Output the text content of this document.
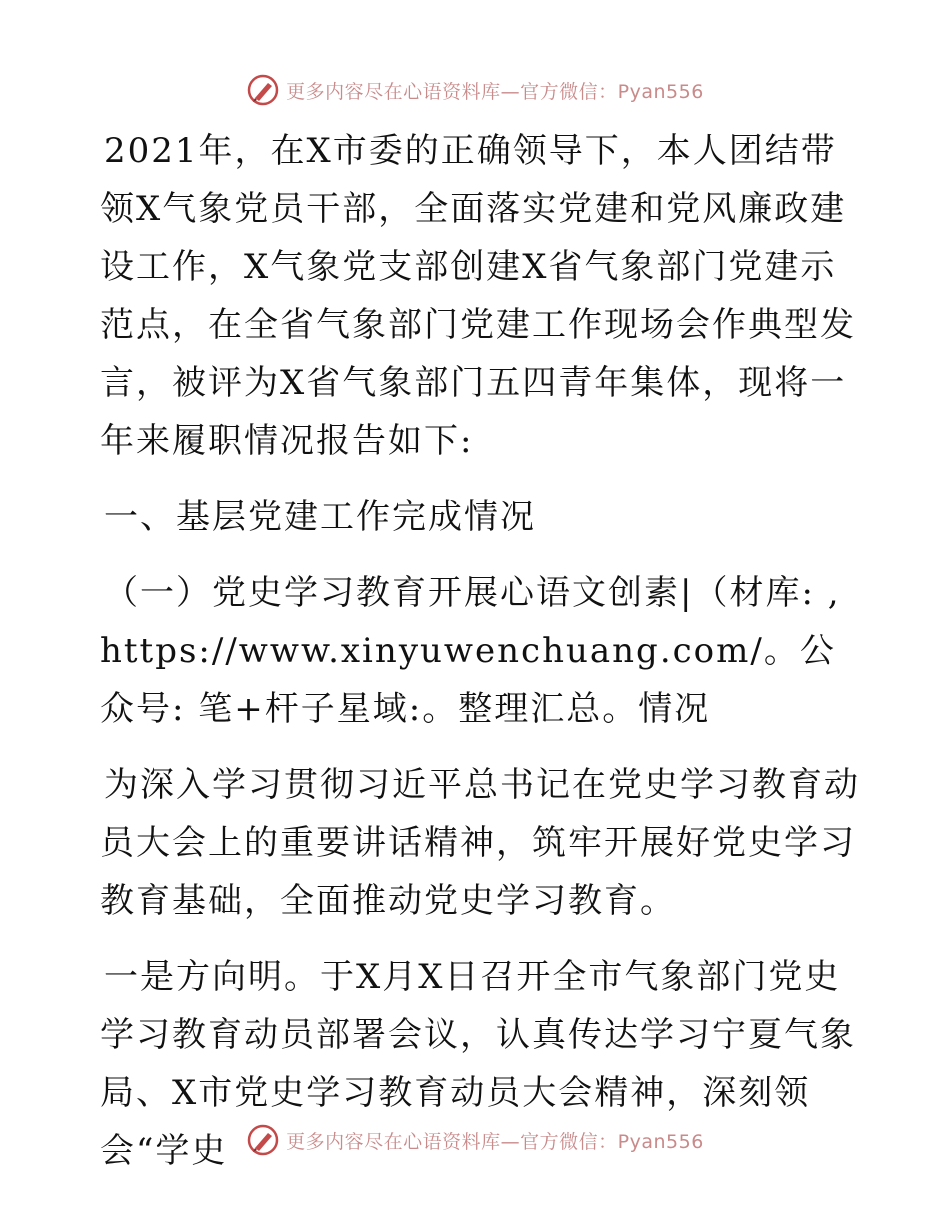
更多内容尽在心语资料库—官方微信：Pyan556

2021年，在X市委的正确领导下，本人团结带领X气象党员干部，全面落实党建和党风廉政建设工作，X气象党支部创建X省气象部门党建示范点，在全省气象部门党建工作现场会作典型发言，被评为X省气象部门五四青年集体，现将一年来履职情况报告如下:

一、基层党建工作完成情况

（一）党史学习教育开展心语文创素|（材库: ,https://www.xinyuwenchuang.com/。公众号: 笔+杆子星域:。整理汇总。情况

为深入学习贯彻习近平总书记在党史学习教育动员大会上的重要讲话精神，筑牢开展好党史学习教育基础，全面推动党史学习教育。

一是方向明。于X月X日召开全市气象部门党史学习教育动员部署会议，认真传达学习宁夏气象局、X市党史学习教育动员大会精神，深刻领会“学史	更多内容尽在心语资料库—官方微信：Pyan556
